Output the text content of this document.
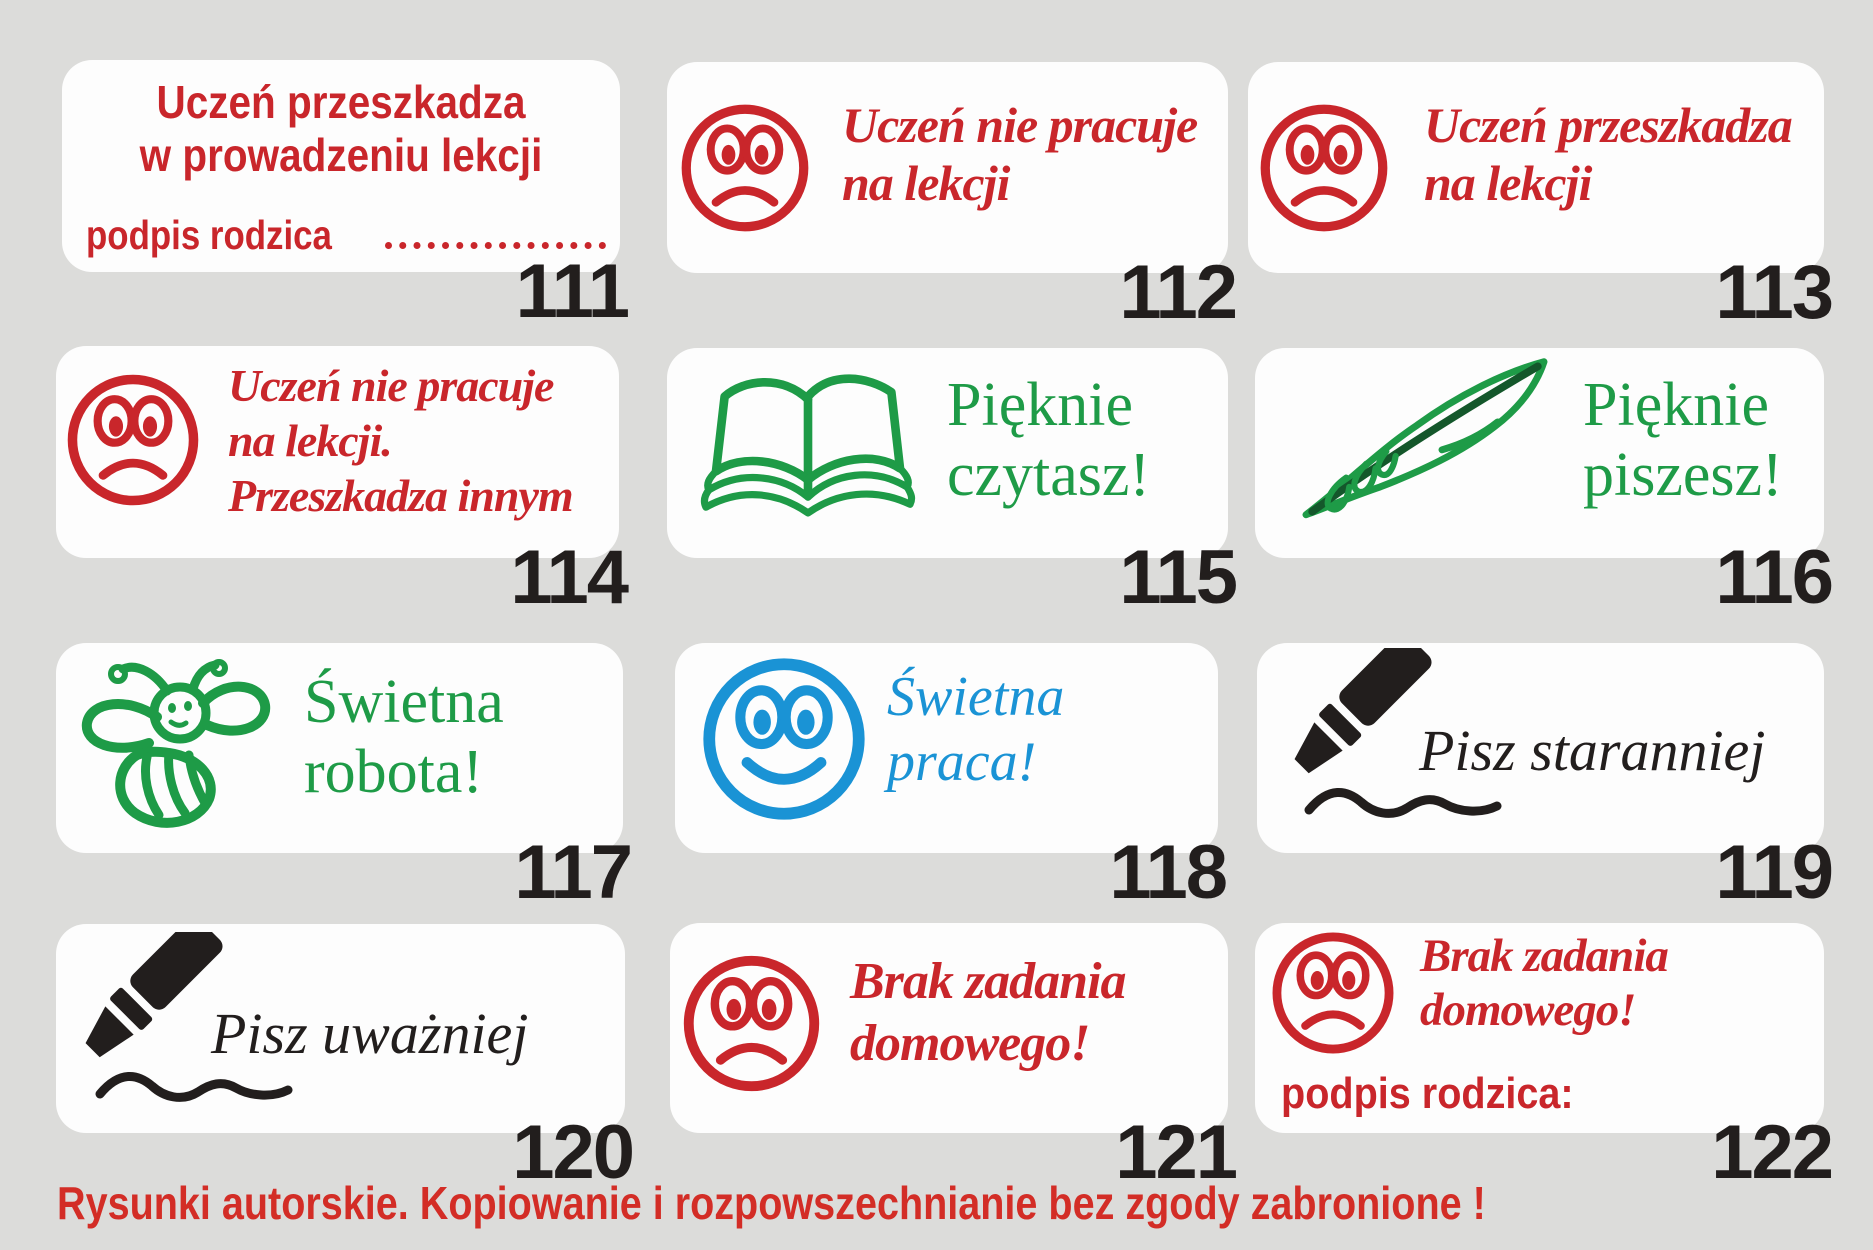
Uczeń przeszkadza
w prowadzeniu lekcji
podpis rodzica
111
Uczeń nie pracuje
na lekcji
112
Uczeń przeszkadza
na lekcji
113
Uczeń nie pracuje
na lekcji.
Przeszkadza innym
114
Pięknie
czytasz!
115
Pięknie
piszesz!
116
Świetna
robota!
117
Świetna
praca!
118
Pisz staranniej
119
Pisz uważniej
120
Brak zadania
domowego!
121
Brak zadania
domowego!
podpis rodzica:
122
Rysunki autorskie. Kopiowanie i rozpowszechnianie bez zgody zabronione !
